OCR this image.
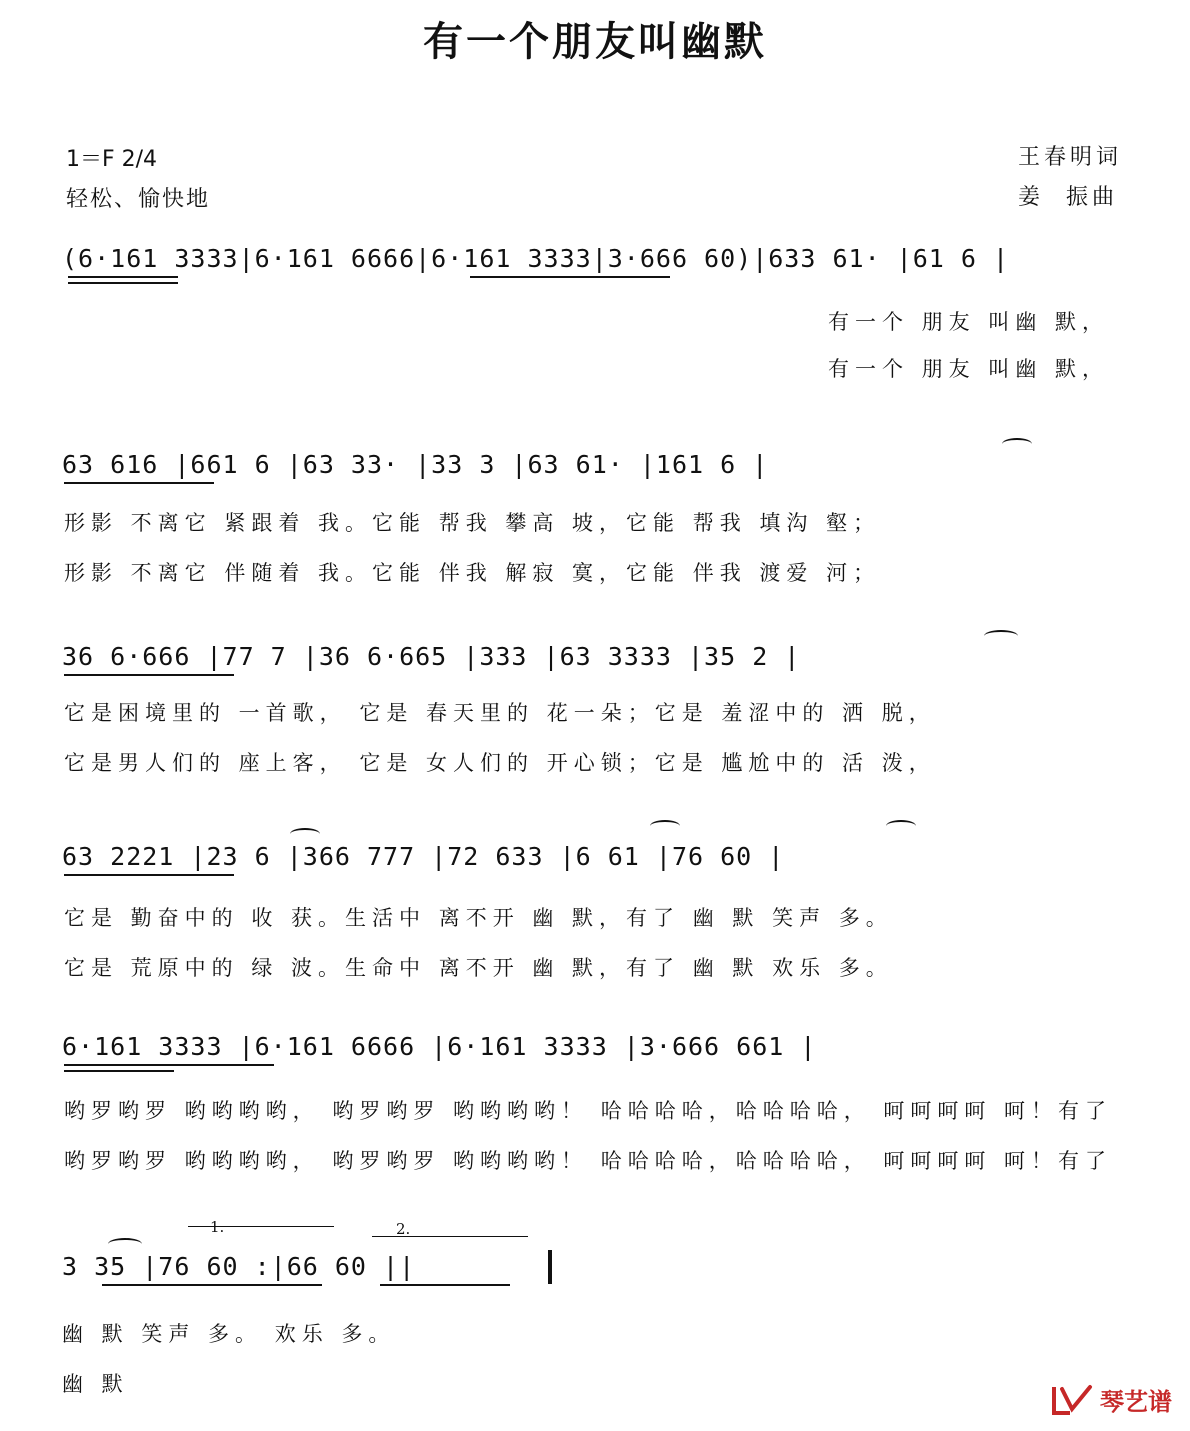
有一个朋友叫幽默
1＝F 2/4
轻松、愉快地
王春明词
姜  振曲
(6·161 3333|6·161 6666|6·161 3333|3·666 60)|633 61· |61 6 |
有一个 朋友 叫幽 默，
有一个 朋友 叫幽 默，
63 616 |661 6 |63 33· |33 3 |63 61· |161 6 |
形影 不离它 紧跟着 我。它能 帮我 攀高 坡，它能 帮我 填沟 壑；
形影 不离它 伴随着 我。它能 伴我 解寂 寞，它能 伴我 渡爱 河；
36 6·666 |77 7 |36 6·665 |333 |63 3333 |35 2 |
它是困境里的 一首歌， 它是 春天里的 花一朵；它是 羞涩中的 洒 脱，
它是男人们的 座上客， 它是 女人们的 开心锁；它是 尴尬中的 活 泼，
63 2221 |23 6 |366 777 |72 633 |6 61 |76 60 |
它是 勤奋中的 收 获。生活中 离不开 幽 默，有了 幽 默 笑声 多。
它是 荒原中的 绿 波。生命中 离不开 幽 默，有了 幽 默 欢乐 多。
6·161 3333 |6·161 6666 |6·161 3333 |3·666 661 |
哟罗哟罗 哟哟哟哟， 哟罗哟罗 哟哟哟哟！ 哈哈哈哈，哈哈哈哈， 呵呵呵呵 呵！有了
哟罗哟罗 哟哟哟哟， 哟罗哟罗 哟哟哟哟！ 哈哈哈哈，哈哈哈哈， 呵呵呵呵 呵！有了
1.	2.
3 35 |76 60 :|66 60 ||
幽 默 笑声 多。 欢乐 多。
幽 默
琴艺谱
